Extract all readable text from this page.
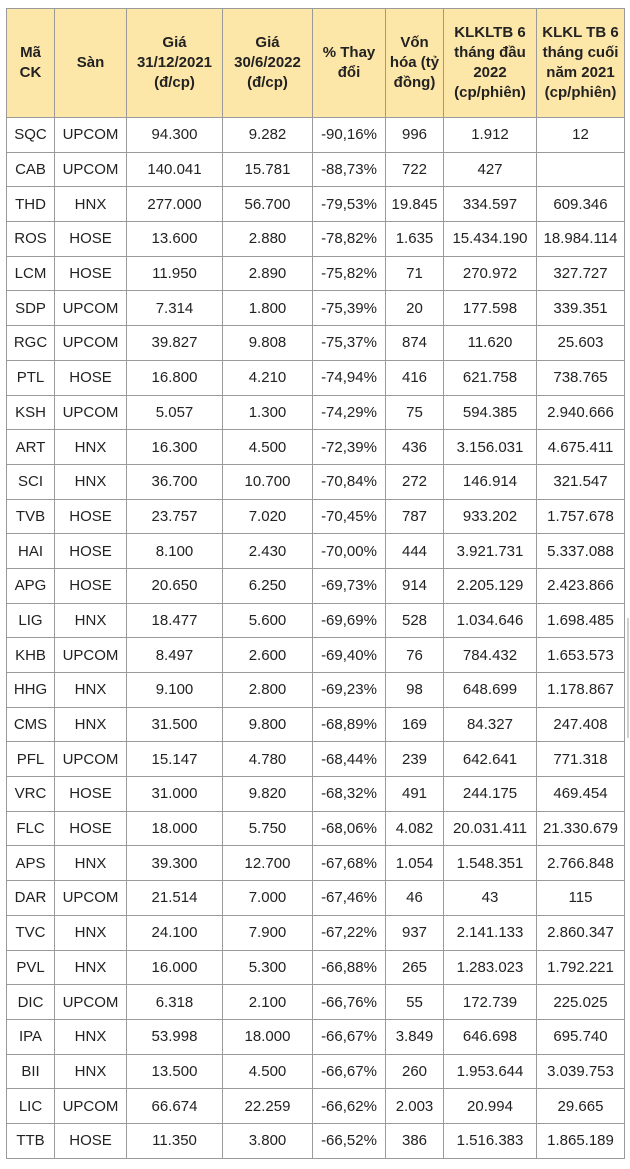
Mã CK	Sàn	Giá 31/12/2021 (đ/cp)	Giá 30/6/2022 (đ/cp)	% Thay đổi	Vốn hóa (tỷ đồng)	KLKLTB 6 tháng đầu 2022 (cp/phiên)	KLKL TB 6 tháng cuối năm 2021 (cp/phiên)
SQC	UPCOM	94.300	9.282	-90,16%	996	1.912	12
CAB	UPCOM	140.041	15.781	-88,73%	722	427	
THD	HNX	277.000	56.700	-79,53%	19.845	334.597	609.346
ROS	HOSE	13.600	2.880	-78,82%	1.635	15.434.190	18.984.114
LCM	HOSE	11.950	2.890	-75,82%	71	270.972	327.727
SDP	UPCOM	7.314	1.800	-75,39%	20	177.598	339.351
RGC	UPCOM	39.827	9.808	-75,37%	874	11.620	25.603
PTL	HOSE	16.800	4.210	-74,94%	416	621.758	738.765
KSH	UPCOM	5.057	1.300	-74,29%	75	594.385	2.940.666
ART	HNX	16.300	4.500	-72,39%	436	3.156.031	4.675.411
SCI	HNX	36.700	10.700	-70,84%	272	146.914	321.547
TVB	HOSE	23.757	7.020	-70,45%	787	933.202	1.757.678
HAI	HOSE	8.100	2.430	-70,00%	444	3.921.731	5.337.088
APG	HOSE	20.650	6.250	-69,73%	914	2.205.129	2.423.866
LIG	HNX	18.477	5.600	-69,69%	528	1.034.646	1.698.485
KHB	UPCOM	8.497	2.600	-69,40%	76	784.432	1.653.573
HHG	HNX	9.100	2.800	-69,23%	98	648.699	1.178.867
CMS	HNX	31.500	9.800	-68,89%	169	84.327	247.408
PFL	UPCOM	15.147	4.780	-68,44%	239	642.641	771.318
VRC	HOSE	31.000	9.820	-68,32%	491	244.175	469.454
FLC	HOSE	18.000	5.750	-68,06%	4.082	20.031.411	21.330.679
APS	HNX	39.300	12.700	-67,68%	1.054	1.548.351	2.766.848
DAR	UPCOM	21.514	7.000	-67,46%	46	43	115
TVC	HNX	24.100	7.900	-67,22%	937	2.141.133	2.860.347
PVL	HNX	16.000	5.300	-66,88%	265	1.283.023	1.792.221
DIC	UPCOM	6.318	2.100	-66,76%	55	172.739	225.025
IPA	HNX	53.998	18.000	-66,67%	3.849	646.698	695.740
BII	HNX	13.500	4.500	-66,67%	260	1.953.644	3.039.753
LIC	UPCOM	66.674	22.259	-66,62%	2.003	20.994	29.665
TTB	HOSE	11.350	3.800	-66,52%	386	1.516.383	1.865.189
